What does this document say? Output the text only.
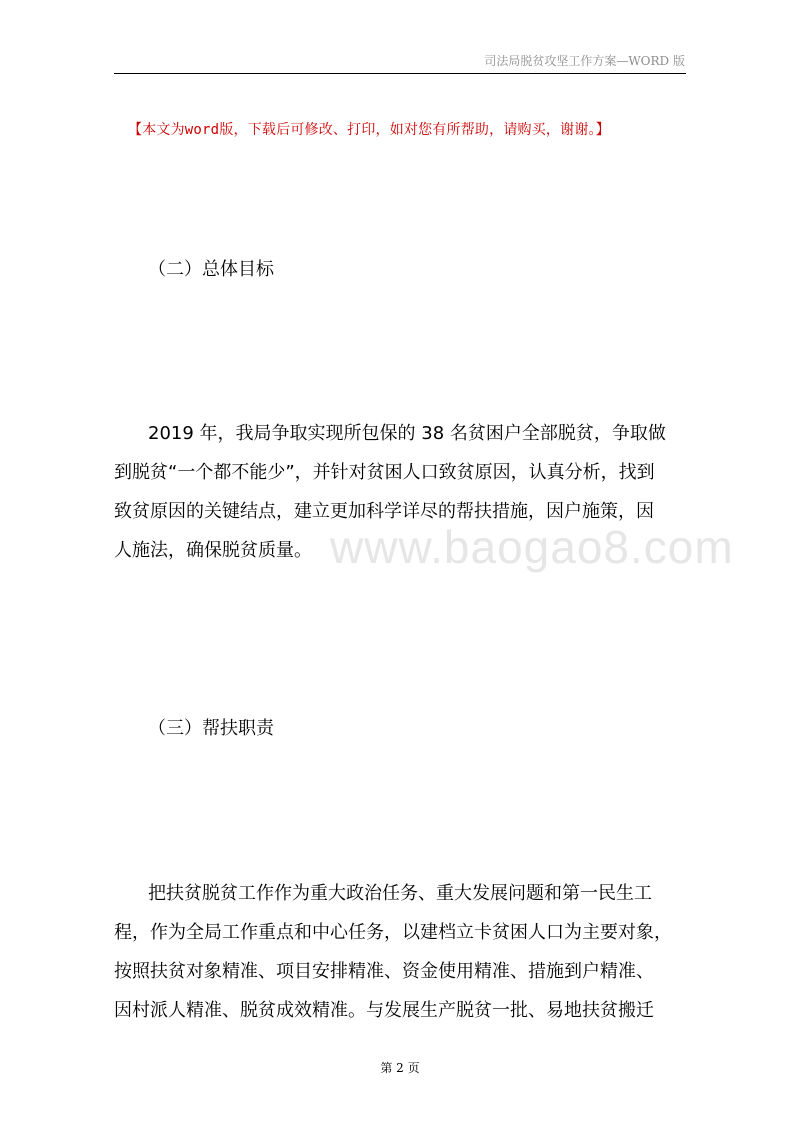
司法局脱贫攻坚工作方案—WORD 版
【本文为word版，下载后可修改、打印，如对您有所帮助，请购买，谢谢。】
www.baogao8.com
（二）总体目标
2019 年，我局争取实现所包保的 38 名贫困户全部脱贫，争取做
到脱贫“一个都不能少”，并针对贫困人口致贫原因，认真分析，找到
致贫原因的关键结点，建立更加科学详尽的帮扶措施，因户施策，因
人施法，确保脱贫质量。
（三）帮扶职责
把扶贫脱贫工作作为重大政治任务、重大发展问题和第一民生工
程，作为全局工作重点和中心任务，以建档立卡贫困人口为主要对象，
按照扶贫对象精准、项目安排精准、资金使用精准、措施到户精准、
因村派人精准、脱贫成效精准。与发展生产脱贫一批、易地扶贫搬迁
第 2 页
